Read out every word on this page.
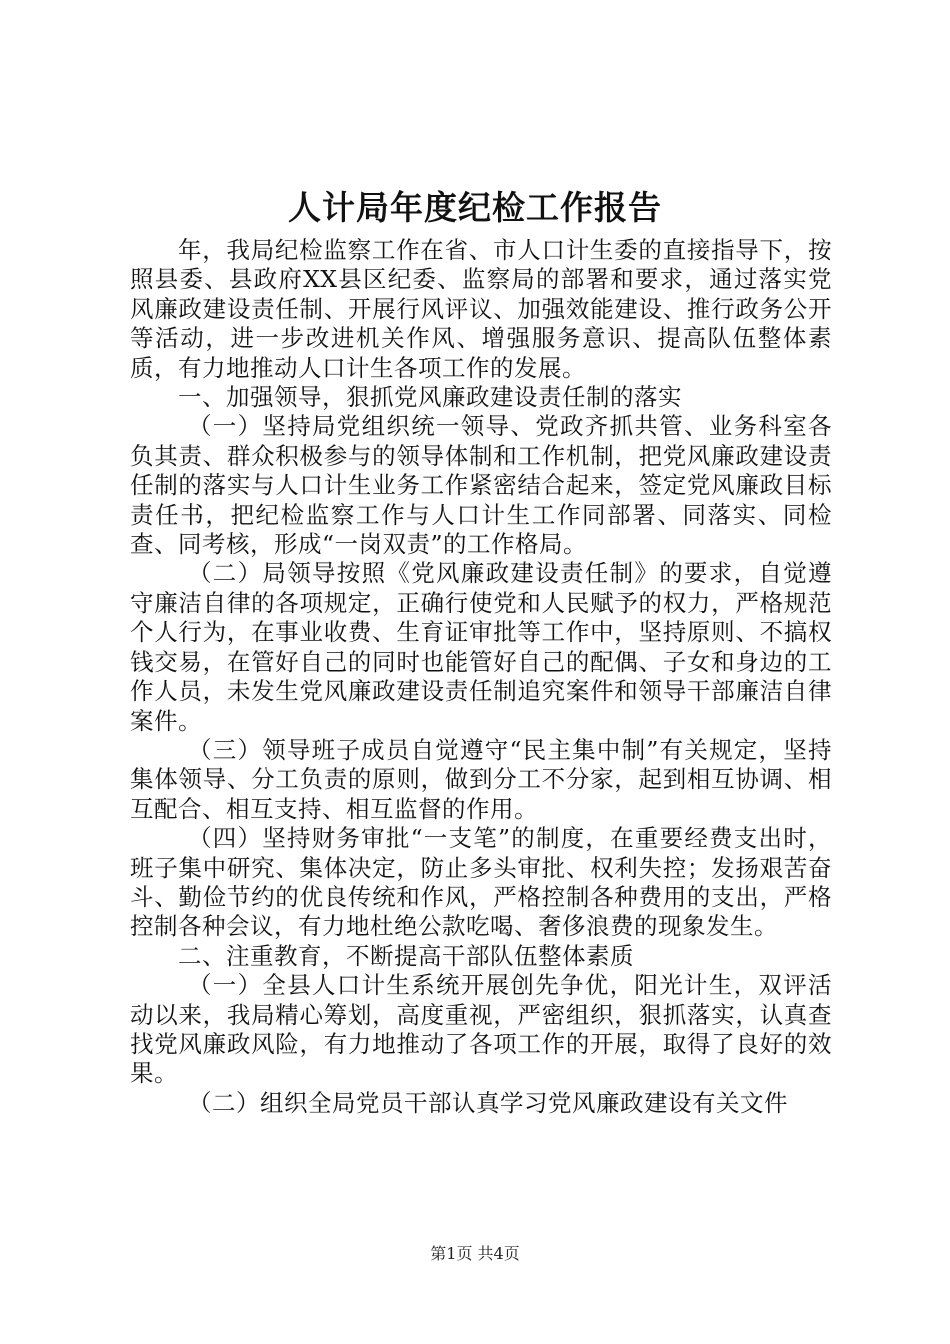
人计局年度纪检工作报告

年，我局纪检监察工作在省、市人口计生委的直接指导下，按照县委、县政府XX县区纪委、监察局的部署和要求，通过落实党风廉政建设责任制、开展行风评议、加强效能建设、推行政务公开等活动，进一步改进机关作风、增强服务意识、提高队伍整体素质，有力地推动人口计生各项工作的发展。

一、加强领导，狠抓党风廉政建设责任制的落实

（一）坚持局党组织统一领导、党政齐抓共管、业务科室各负其责、群众积极参与的领导体制和工作机制，把党风廉政建设责任制的落实与人口计生业务工作紧密结合起来，签定党风廉政目标责任书，把纪检监察工作与人口计生工作同部署、同落实、同检查、同考核，形成“一岗双责”的工作格局。

（二）局领导按照《党风廉政建设责任制》的要求，自觉遵守廉洁自律的各项规定，正确行使党和人民赋予的权力，严格规范个人行为，在事业收费、生育证审批等工作中，坚持原则、不搞权钱交易，在管好自己的同时也能管好自己的配偶、子女和身边的工作人员，未发生党风廉政建设责任制追究案件和领导干部廉洁自律案件。

（三）领导班子成员自觉遵守“民主集中制”有关规定，坚持集体领导、分工负责的原则，做到分工不分家，起到相互协调、相互配合、相互支持、相互监督的作用。

（四）坚持财务审批“一支笔”的制度，在重要经费支出时，班子集中研究、集体决定，防止多头审批、权利失控；发扬艰苦奋斗、勤俭节约的优良传统和作风，严格控制各种费用的支出，严格控制各种会议，有力地杜绝公款吃喝、奢侈浪费的现象发生。

二、注重教育，不断提高干部队伍整体素质

（一）全县人口计生系统开展创先争优，阳光计生，双评活动以来，我局精心筹划，高度重视，严密组织，狠抓落实，认真查找党风廉政风险，有力地推动了各项工作的开展，取得了良好的效果。

（二）组织全局党员干部认真学习党风廉政建设有关文件

第1页 共4页
